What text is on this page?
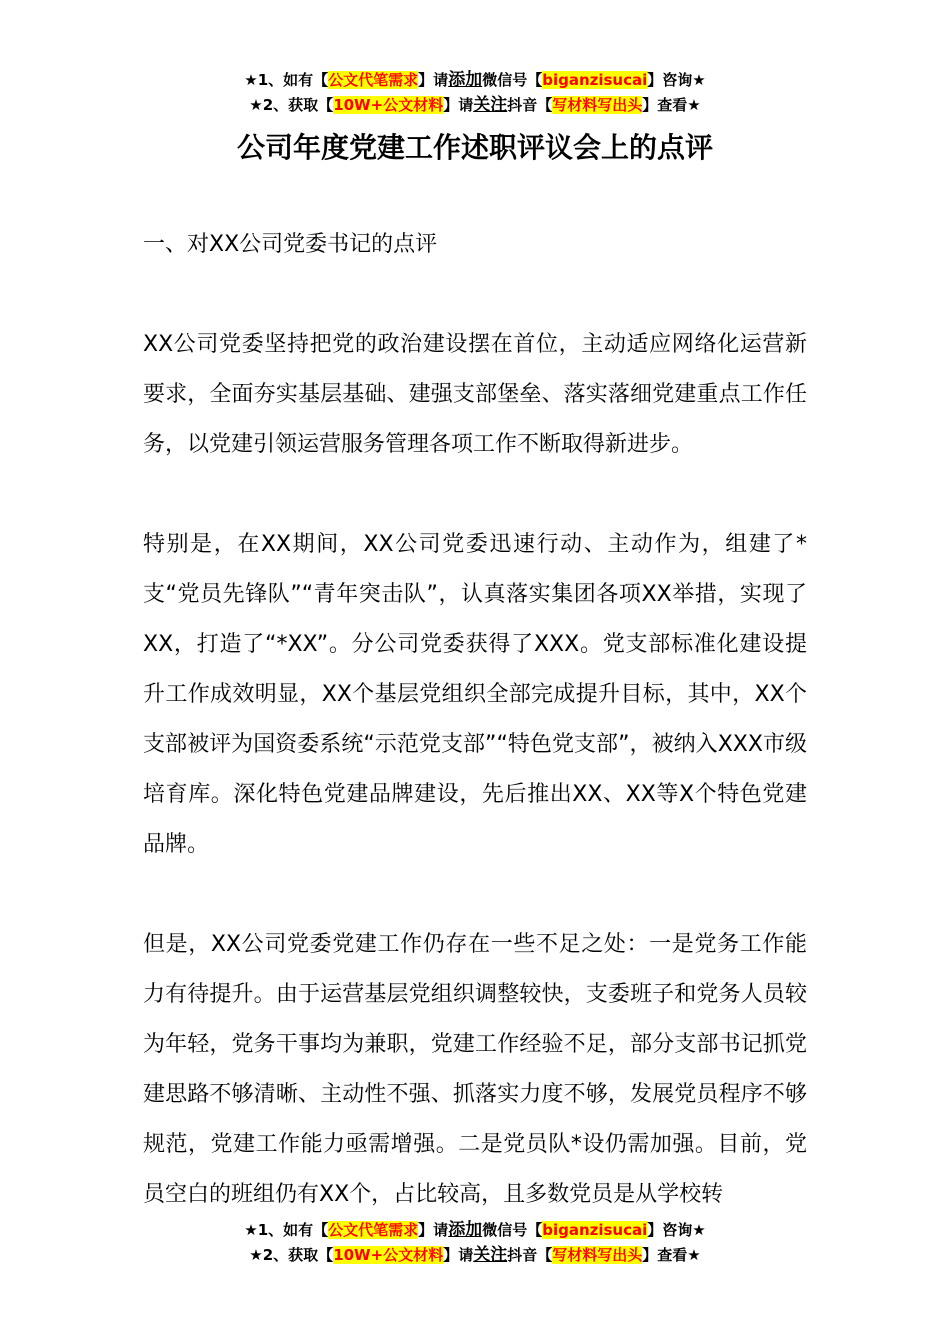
★1、如有【公文代笔需求】请添加微信号【biganzisucai】咨询★
★2、获取【10W+公文材料】请关注抖音【写材料写出头】查看★
公司年度党建工作述职评议会上的点评

一、对XX公司党委书记的点评

XX公司党委坚持把党的政治建设摆在首位，主动适应网络化运营新要求，全面夯实基层基础、建强支部堡垒、落实落细党建重点工作任务，以党建引领运营服务管理各项工作不断取得新进步。

特别是，在XX期间，XX公司党委迅速行动、主动作为，组建了*支“党员先锋队”“青年突击队”，认真落实集团各项XX举措，实现了XX，打造了“*XX”。分公司党委获得了XXX。党支部标准化建设提升工作成效明显，XX个基层党组织全部完成提升目标，其中，XX个支部被评为国资委系统“示范党支部”“特色党支部”，被纳入XXX市级培育库。深化特色党建品牌建设，先后推出XX、XX等X个特色党建品牌。

但是，XX公司党委党建工作仍存在一些不足之处：一是党务工作能力有待提升。由于运营基层党组织调整较快，支委班子和党务人员较为年轻，党务干事均为兼职，党建工作经验不足，部分支部书记抓党建思路不够清晰、主动性不强、抓落实力度不够，发展党员程序不够规范，党建工作能力亟需增强。二是党员队*设仍需加强。目前，党员空白的班组仍有XX个，占比较高，且多数党员是从学校转

★1、如有【公文代笔需求】请添加微信号【biganzisucai】咨询★
★2、获取【10W+公文材料】请关注抖音【写材料写出头】查看★
